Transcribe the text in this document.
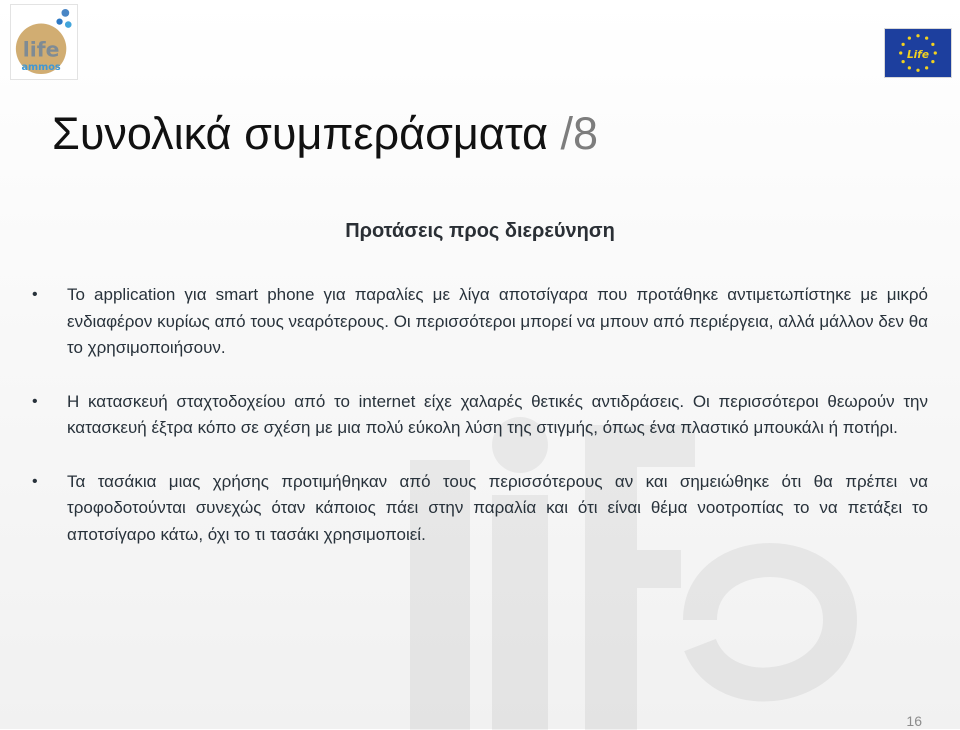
life
ammos
Life
Συνολικά συμπεράσματα /8
Προτάσεις προς διερεύνηση
•	Το application για smart phone για παραλίες με λίγα αποτσίγαρα που προτάθηκε αντιμετωπίστηκε με μικρό ενδιαφέρον κυρίως από τους νεαρότερους. Οι περισσότεροι μπορεί να μπουν από περιέργεια, αλλά μάλλον δεν θα το χρησιμοποιήσουν.
•	Η κατασκευή σταχτοδοχείου από το internet είχε χαλαρές θετικές αντιδράσεις. Οι περισσότεροι θεωρούν την κατασκευή έξτρα κόπο σε σχέση με μια πολύ εύκολη λύση της στιγμής, όπως ένα πλαστικό μπουκάλι ή ποτήρι.
•	Τα τασάκια μιας χρήσης προτιμήθηκαν από τους περισσότερους αν και σημειώθηκε ότι θα πρέπει να τροφοδοτούνται συνεχώς όταν κάποιος πάει στην παραλία και ότι είναι θέμα νοοτροπίας το να πετάξει το αποτσίγαρο κάτω, όχι το τι τασάκι χρησιμοποιεί.
16
